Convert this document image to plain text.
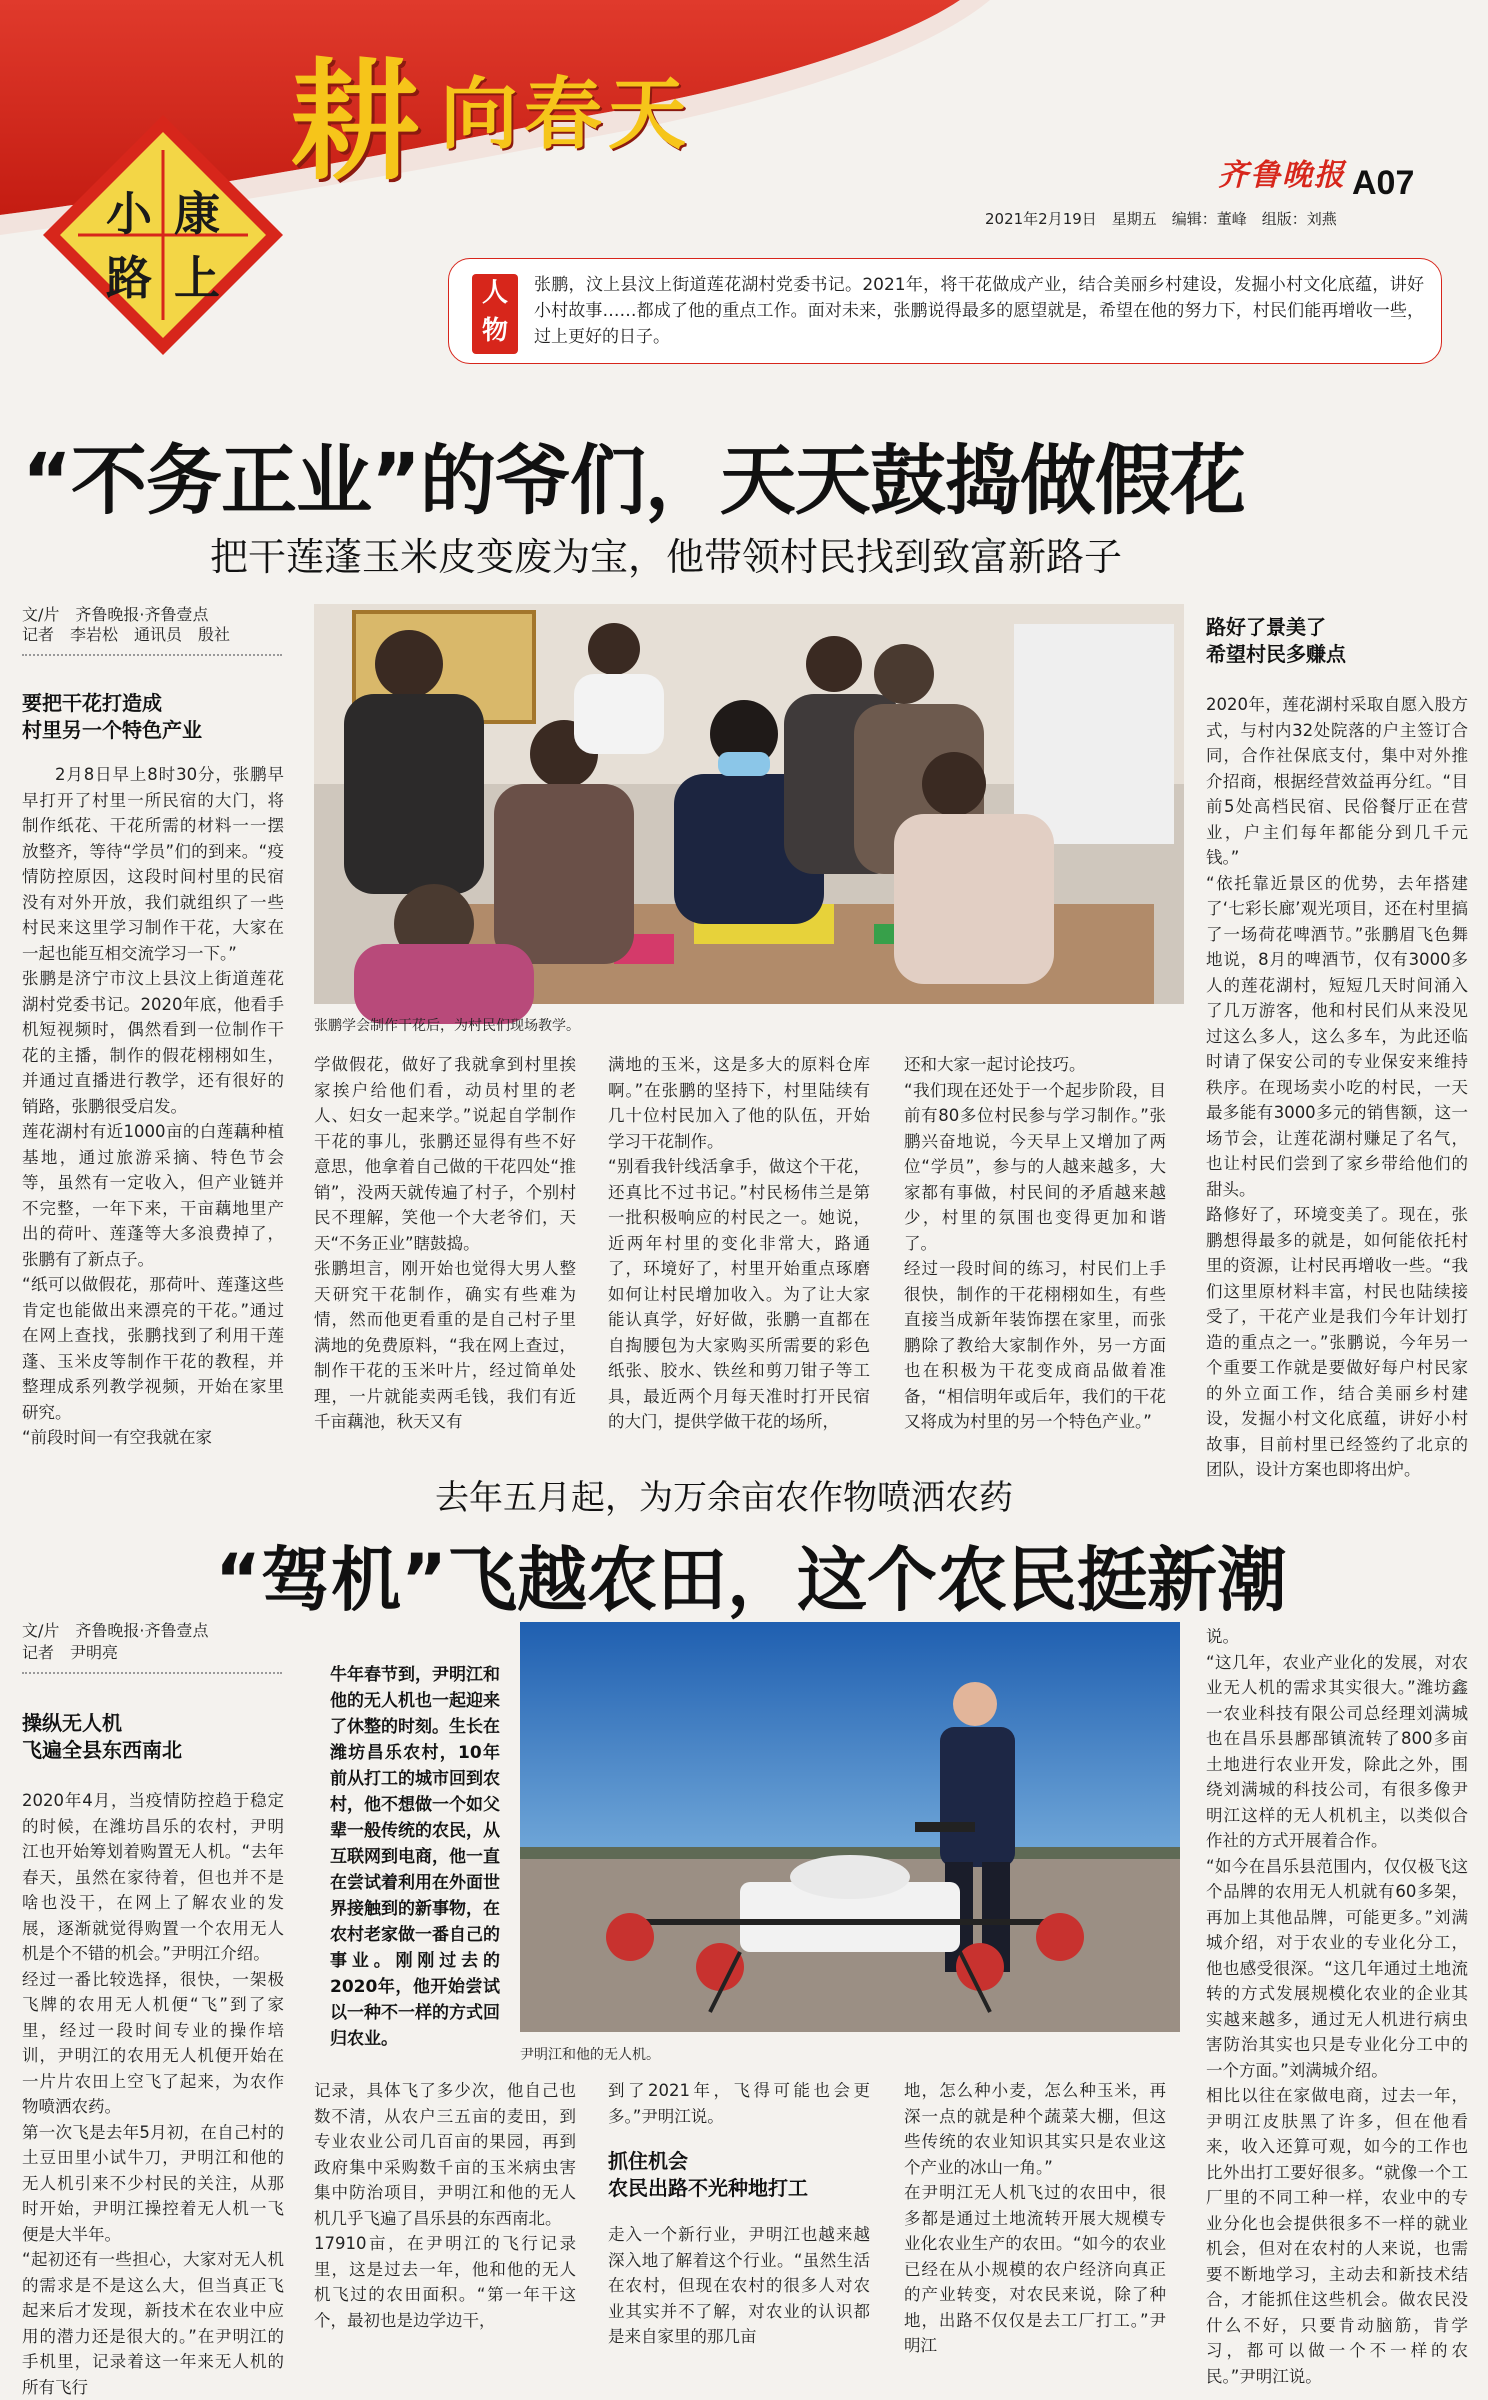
小 康
路 上
耕 向春天
齐鲁晚报 A07
2021年2月19日　星期五　编辑：董峰　组版：刘燕
人
物
张鹏，汶上县汶上街道莲花湖村党委书记。2021年，将干花做成产业，结合美丽乡村建设，发掘小村文化底蕴，讲好小村故事……都成了他的重点工作。面对未来，张鹏说得最多的愿望就是，希望在他的努力下，村民们能再增收一些，过上更好的日子。
“不务正业”的爷们，天天鼓捣做假花
把干莲蓬玉米皮变废为宝，他带领村民找到致富新路子
文/片　齐鲁晚报·齐鲁壹点
记者　李岩松　通讯员　殷社
要把干花打造成
村里另一个特色产业
2月8日早上8时30分，张鹏早早打开了村里一所民宿的大门，将制作纸花、干花所需的材料一一摆放整齐，等待“学员”们的到来。“疫情防控原因，这段时间村里的民宿没有对外开放，我们就组织了一些村民来这里学习制作干花，大家在一起也能互相交流学习一下。”
张鹏是济宁市汶上县汶上街道莲花湖村党委书记。2020年底，他看手机短视频时，偶然看到一位制作干花的主播，制作的假花栩栩如生，并通过直播进行教学，还有很好的销路，张鹏很受启发。
莲花湖村有近1000亩的白莲藕种植基地，通过旅游采摘、特色节会等，虽然有一定收入，但产业链并不完整，一年下来，干亩藕地里产出的荷叶、莲蓬等大多浪费掉了，张鹏有了新点子。
“纸可以做假花，那荷叶、莲蓬这些肯定也能做出来漂亮的干花。”通过在网上查找，张鹏找到了利用干莲蓬、玉米皮等制作干花的教程，并整理成系列教学视频，开始在家里研究。
“前段时间一有空我就在家
张鹏学会制作干花后，为村民们现场教学。
学做假花，做好了我就拿到村里挨家挨户给他们看，动员村里的老人、妇女一起来学。”说起自学制作干花的事儿，张鹏还显得有些不好意思，他拿着自己做的干花四处“推销”，没两天就传遍了村子，个别村民不理解，笑他一个大老爷们，天天“不务正业”瞎鼓捣。
张鹏坦言，刚开始也觉得大男人整天研究干花制作，确实有些难为情，然而他更看重的是自己村子里满地的免费原料，“我在网上查过，制作干花的玉米叶片，经过简单处理，一片就能卖两毛钱，我们有近千亩藕池，秋天又有
满地的玉米，这是多大的原料仓库啊。”在张鹏的坚持下，村里陆续有几十位村民加入了他的队伍，开始学习干花制作。
“别看我针线活拿手，做这个干花，还真比不过书记。”村民杨伟兰是第一批积极响应的村民之一。她说，近两年村里的变化非常大，路通了，环境好了，村里开始重点琢磨如何让村民增加收入。为了让大家能认真学，好好做，张鹏一直都在自掏腰包为大家购买所需要的彩色纸张、胶水、铁丝和剪刀钳子等工具，最近两个月每天准时打开民宿的大门，提供学做干花的场所，
还和大家一起讨论技巧。
“我们现在还处于一个起步阶段，目前有80多位村民参与学习制作。”张鹏兴奋地说，今天早上又增加了两位“学员”，参与的人越来越多，大家都有事做，村民间的矛盾越来越少，村里的氛围也变得更加和谐了。
经过一段时间的练习，村民们上手很快，制作的干花栩栩如生，有些直接当成新年装饰摆在家里，而张鹏除了教给大家制作外，另一方面也在积极为干花变成商品做着准备，“相信明年或后年，我们的干花又将成为村里的另一个特色产业。”
路好了景美了
希望村民多赚点
2020年，莲花湖村采取自愿入股方式，与村内32处院落的户主签订合同，合作社保底支付，集中对外推介招商，根据经营效益再分红。“目前5处高档民宿、民俗餐厅正在营业，户主们每年都能分到几千元钱。”
“依托靠近景区的优势，去年搭建了‘七彩长廊’观光项目，还在村里搞了一场荷花啤酒节。”张鹏眉飞色舞地说，8月的啤酒节，仅有3000多人的莲花湖村，短短几天时间涌入了几万游客，他和村民们从来没见过这么多人，这么多车，为此还临时请了保安公司的专业保安来维持秩序。在现场卖小吃的村民，一天最多能有3000多元的销售额，这一场节会，让莲花湖村赚足了名气，也让村民们尝到了家乡带给他们的甜头。
路修好了，环境变美了。现在，张鹏想得最多的就是，如何能依托村里的资源，让村民再增收一些。“我们这里原材料丰富，村民也陆续接受了，干花产业是我们今年计划打造的重点之一。”张鹏说，今年另一个重要工作就是要做好每户村民家的外立面工作，结合美丽乡村建设，发掘小村文化底蕴，讲好小村故事，目前村里已经签约了北京的团队，设计方案也即将出炉。
去年五月起，为万余亩农作物喷洒农药
“驾机”飞越农田，这个农民挺新潮
文/片　齐鲁晚报·齐鲁壹点
记者　尹明亮
操纵无人机
飞遍全县东西南北
2020年4月，当疫情防控趋于稳定的时候，在潍坊昌乐的农村，尹明江也开始筹划着购置无人机。“去年春天，虽然在家待着，但也并不是啥也没干，在网上了解农业的发展，逐渐就觉得购置一个农用无人机是个不错的机会。”尹明江介绍。
经过一番比较选择，很快，一架极飞牌的农用无人机便“飞”到了家里，经过一段时间专业的操作培训，尹明江的农用无人机便开始在一片片农田上空飞了起来，为农作物喷洒农药。
第一次飞是去年5月初，在自己村的土豆田里小试牛刀，尹明江和他的无人机引来不少村民的关注，从那时开始，尹明江操控着无人机一飞便是大半年。
“起初还有一些担心，大家对无人机的需求是不是这么大，但当真正飞起来后才发现，新技术在农业中应用的潜力还是很大的。”在尹明江的手机里，记录着这一年来无人机的所有飞行
牛年春节到，尹明江和他的无人机也一起迎来了休整的时刻。生长在潍坊昌乐农村，10年前从打工的城市回到农村，他不想做一个如父辈一般传统的农民，从互联网到电商，他一直在尝试着利用在外面世界接触到的新事物，在农村老家做一番自己的事业。刚刚过去的2020年，他开始尝试以一种不一样的方式回归农业。
尹明江和他的无人机。
记录，具体飞了多少次，他自己也数不清，从农户三五亩的麦田，到专业农业公司几百亩的果园，再到政府集中采购数千亩的玉米病虫害集中防治项目，尹明江和他的无人机几乎飞遍了昌乐县的东西南北。
17910亩，在尹明江的飞行记录里，这是过去一年，他和他的无人机飞过的农田面积。“第一年干这个，最初也是边学边干，
到了2021年，飞得可能也会更多。”尹明江说。
抓住机会
农民出路不光种地打工
走入一个新行业，尹明江也越来越深入地了解着这个行业。“虽然生活在农村，但现在农村的很多人对农业其实并不了解，对农业的认识都是来自家里的那几亩
地，怎么种小麦，怎么种玉米，再深一点的就是种个蔬菜大棚，但这些传统的农业知识其实只是农业这个产业的冰山一角。”
在尹明江无人机飞过的农田中，很多都是通过土地流转开展大规模专业化农业生产的农田。“如今的农业已经在从小规模的农户经济向真正的产业转变，对农民来说，除了种地，出路不仅仅是去工厂打工。”尹明江
说。
“这几年，农业产业化的发展，对农业无人机的需求其实很大。”潍坊鑫一农业科技有限公司总经理刘满城也在昌乐县鄌郚镇流转了800多亩土地进行农业开发，除此之外，围绕刘满城的科技公司，有很多像尹明江这样的无人机机主，以类似合作社的方式开展着合作。
“如今在昌乐县范围内，仅仅极飞这个品牌的农用无人机就有60多架，再加上其他品牌，可能更多。”刘满城介绍，对于农业的专业化分工，他也感受很深。“这几年通过土地流转的方式发展规模化农业的企业其实越来越多，通过无人机进行病虫害防治其实也只是专业化分工中的一个方面。”刘满城介绍。
相比以往在家做电商，过去一年，尹明江皮肤黑了许多，但在他看来，收入还算可观，如今的工作也比外出打工要好很多。“就像一个工厂里的不同工种一样，农业中的专业分化也会提供很多不一样的就业机会，但对在农村的人来说，也需要不断地学习，主动去和新技术结合，才能抓住这些机会。做农民没什么不好，只要肯动脑筋，肯学习，都可以做一个不一样的农民。”尹明江说。
